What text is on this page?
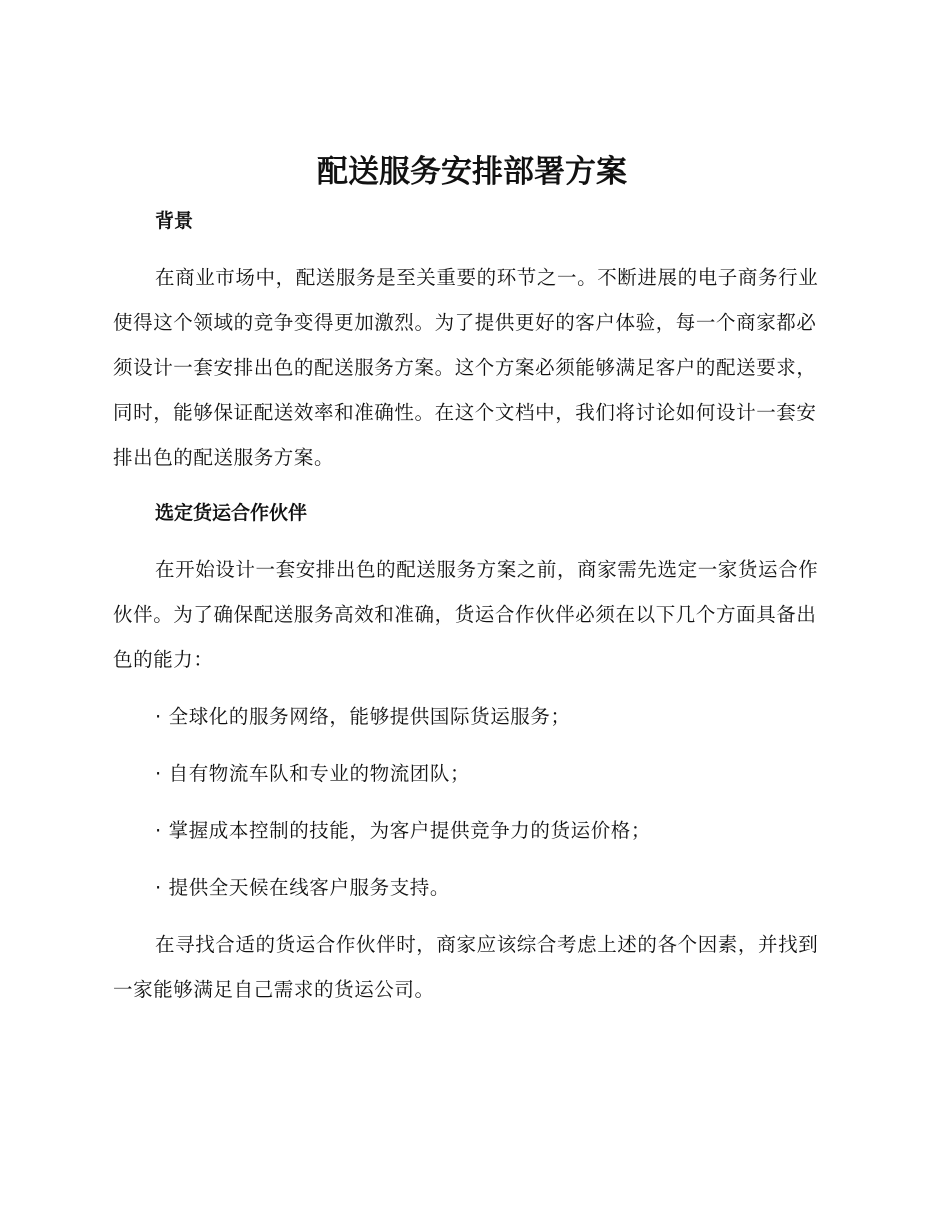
配送服务安排部署方案
背景

在商业市场中，配送服务是至关重要的环节之一。不断进展的电子商务行业使得这个领域的竞争变得更加激烈。为了提供更好的客户体验，每一个商家都必须设计一套安排出色的配送服务方案。这个方案必须能够满足客户的配送要求，同时，能够保证配送效率和准确性。在这个文档中，我们将讨论如何设计一套安排出色的配送服务方案。

选定货运合作伙伴

在开始设计一套安排出色的配送服务方案之前，商家需先选定一家货运合作伙伴。为了确保配送服务高效和准确，货运合作伙伴必须在以下几个方面具备出色的能力：

· 全球化的服务网络，能够提供国际货运服务；

· 自有物流车队和专业的物流团队；

· 掌握成本控制的技能，为客户提供竞争力的货运价格；

· 提供全天候在线客户服务支持。

在寻找合适的货运合作伙伴时，商家应该综合考虑上述的各个因素，并找到一家能够满足自己需求的货运公司。
